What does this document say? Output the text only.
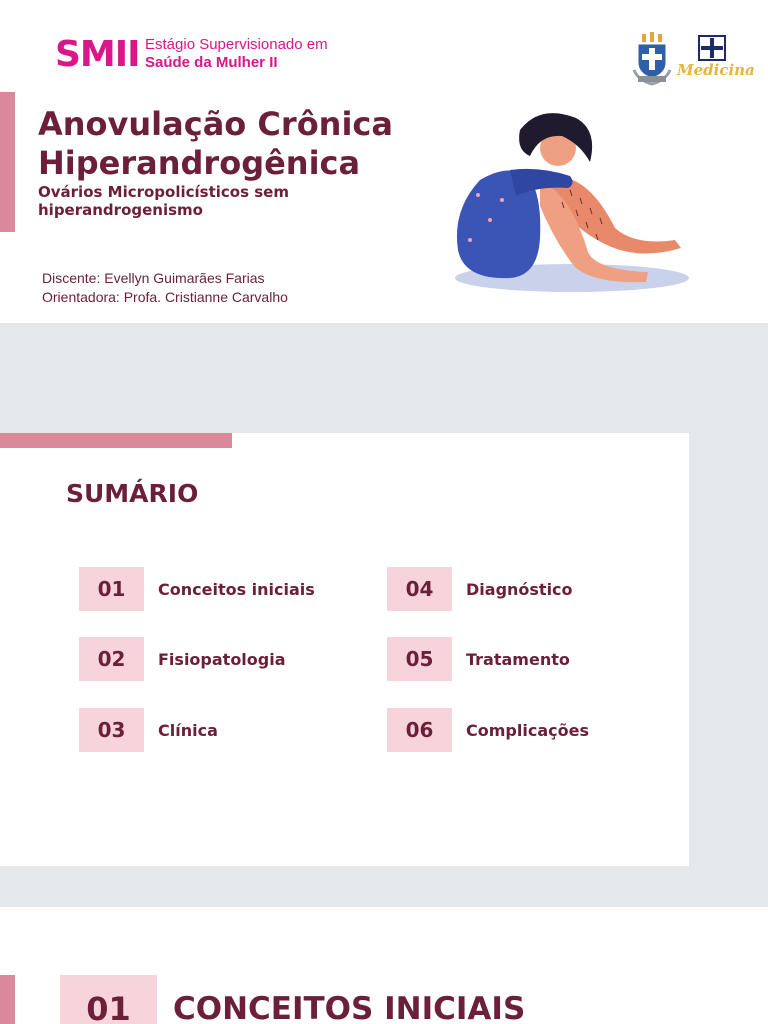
SMII Estágio Supervisionado em
Saúde da Mulher II	Medicina
Anovulação Crônica Hiperandrogênica
Ovários Micropolicísticos sem hiperandrogenismo
Discente: Evellyn Guimarães Farias
Orientadora: Profa. Cristianne Carvalho
SUMÁRIO
01	Conceitos iniciais
02	Fisiopatologia
03	Clínica
04	Diagnóstico
05	Tratamento
06	Complicações
01	CONCEITOS INICIAIS
